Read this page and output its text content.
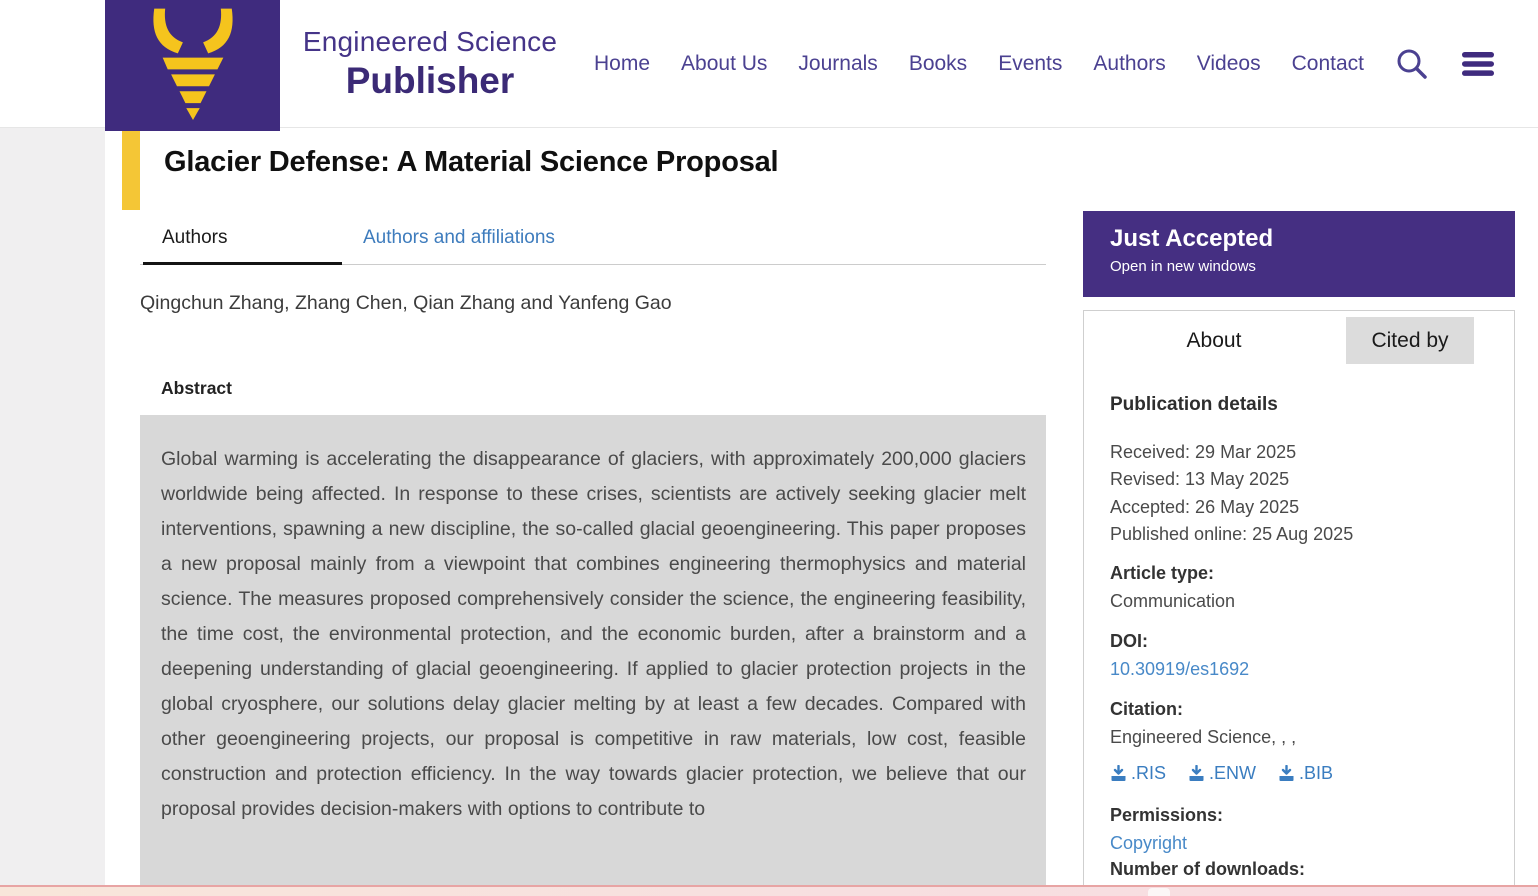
Home About Us Journals Books Events Authors Videos Contact
Engineered Science
Publisher
Glacier Defense: A Material Science Proposal
Authors	Authors and affiliations
Qingchun Zhang, Zhang Chen, Qian Zhang and Yanfeng Gao
Abstract
Global warming is accelerating the disappearance of glaciers, with approximately 200,000 glaciers worldwide being affected. In response to these crises, scientists are actively seeking glacier melt interventions, spawning a new discipline, the so-called glacial geoengineering. This paper proposes a new proposal mainly from a viewpoint that combines engineering thermophysics and material science. The measures proposed comprehensively consider the science, the engineering feasibility, the time cost, the environmental protection, and the economic burden, after a brainstorm and a deepening understanding of glacial geoengineering. If applied to glacier protection projects in the global cryosphere, our solutions delay glacier melting by at least a few decades. Compared with other geoengineering projects, our proposal is competitive in raw materials, low cost, feasible construction and protection efficiency. In the way towards glacier protection, we believe that our proposal provides decision-makers with options to contribute to
Just Accepted
Open in new windows
About	Cited by
Publication details
Received: 29 Mar 2025
Revised: 13 May 2025
Accepted: 26 May 2025
Published online: 25 Aug 2025
Article type:
Communication
DOI:
10.30919/es1692
Citation:
Engineered Science, , ,
.RIS .ENW .BIB
Permissions:
Copyright
Number of downloads:
